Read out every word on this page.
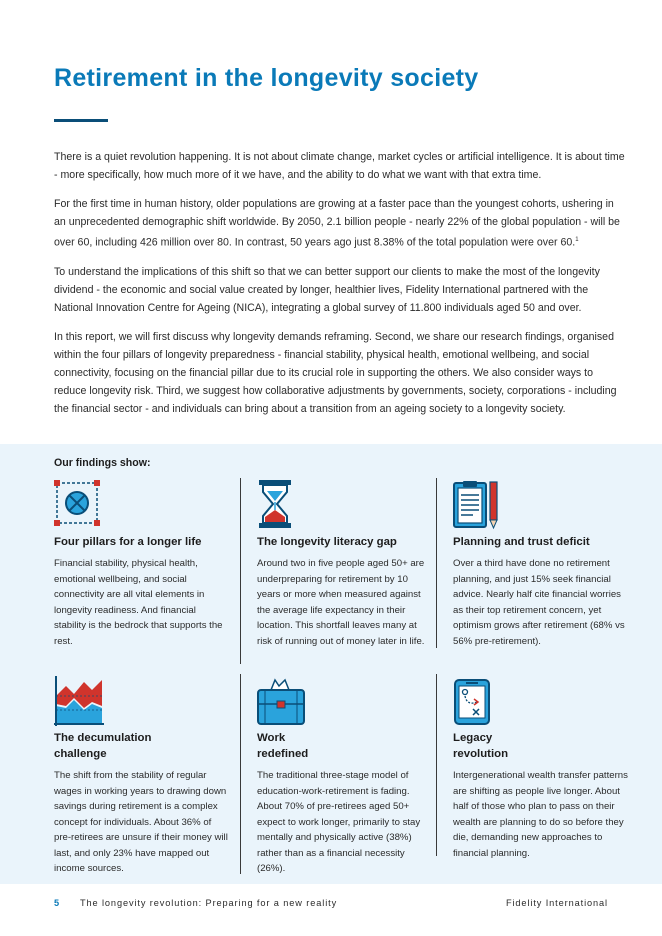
Retirement in the longevity society

There is a quiet revolution happening. It is not about climate change, market cycles or artificial intelligence. It is about time - more specifically, how much more of it we have, and the ability to do what we want with that extra time.

For the first time in human history, older populations are growing at a faster pace than the youngest cohorts, ushering in an unprecedented demographic shift worldwide. By 2050, 2.1 billion people - nearly 22% of the global population - will be over 60, including 426 million over 80. In contrast, 50 years ago just 8.38% of the total population were over 60.$^1$

To understand the implications of this shift so that we can better support our clients to make the most of the longevity dividend - the economic and social value created by longer, healthier lives, Fidelity International partnered with the National Innovation Centre for Ageing (NICA), integrating a global survey of 11.800 individuals aged 50 and over.

In this report, we will first discuss why longevity demands reframing. Second, we share our research findings, organised within the four pillars of longevity preparedness - financial stability, physical health, emotional wellbeing, and social connectivity, focusing on the financial pillar due to its crucial role in supporting the others. We also consider ways to reduce longevity risk. Third, we suggest how collaborative adjustments by governments, society, corporations - including the financial sector - and individuals can bring about a transition from an ageing society to a longevity society.

Our findings show:
Four pillars for a longer life

Financial stability, physical health, emotional wellbeing, and social connectivity are all vital elements in longevity readiness. And financial stability is the bedrock that supports the rest.

The longevity literacy gap

Around two in five people aged 50+ are underpreparing for retirement by 10 years or more when measured against the average life expectancy in their location. This shortfall leaves many at risk of running out of money later in life.

Planning and trust deficit

Over a third have done no retirement planning, and just 15% seek financial advice. Nearly half cite financial worries as their top retirement concern, yet optimism grows after retirement (68% vs 56% pre-retirement).

The decumulation challenge

The shift from the stability of regular wages in working years to drawing down savings during retirement is a complex concept for individuals. About 36% of pre-retirees are unsure if their money will last, and only 23% have mapped out income sources.

Work redefined

The traditional three-stage model of education-work-retirement is fading. About 70% of pre-retirees aged 50+ expect to work longer, primarily to stay mentally and physically active (38%) rather than as a financial necessity (26%).

Legacy revolution

Intergenerational wealth transfer patterns are shifting as people live longer. About half of those who plan to pass on their wealth are planning to do so before they die, demanding new approaches to financial planning.

5 The longevity revolution: Preparing for a new reality	Fidelity International
